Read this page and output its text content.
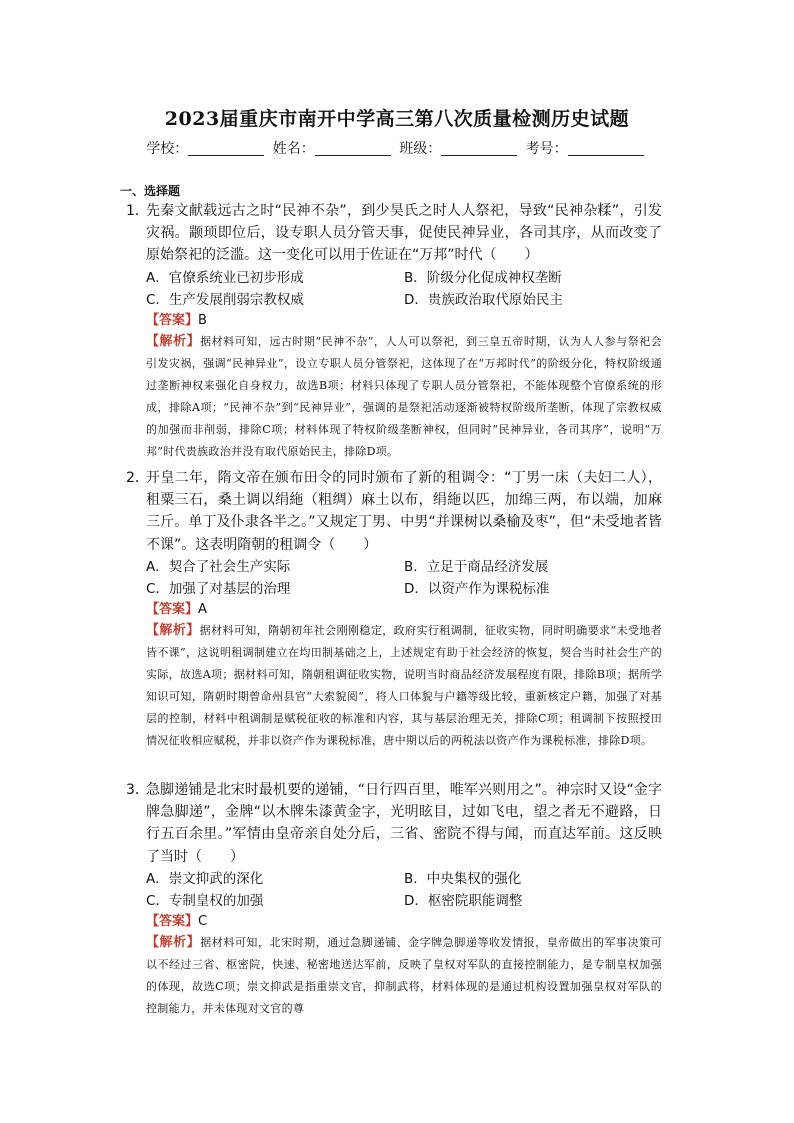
2023届重庆市南开中学高三第八次质量检测历史试题
学校：	姓名：	班级：	考号：
一、选择题
1．
先秦文献载远古之时“民神不杂”，到少昊氏之时人人祭祀，导致“民神杂糅”，引发灾祸。颛顼即位后，设专职人员分管天事，促使民神异业，各司其序，从而改变了原始祭祀的泛滥。这一变化可以用于佐证在“万邦”时代（　　）
A．官僚系统业已初步形成	B．阶级分化促成神权垄断
C．生产发展削弱宗教权威	D．贵族政治取代原始民主
【答案】B
【解析】据材料可知，远古时期“民神不杂”，人人可以祭祀，到三皇五帝时期，认为人人参与祭祀会引发灾祸，强调“民神异业”，设立专职人员分管祭祀，这体现了在“万邦时代”的阶级分化，特权阶级通过垄断神权来强化自身权力，故选B项；材料只体现了专职人员分管祭祀，不能体现整个官僚系统的形成，排除A项；“民神不杂”到“民神异业”，强调的是祭祀活动逐渐被特权阶级所垄断，体现了宗教权威的加强而非削弱，排除C项；材料体现了特权阶级垄断神权，但同时“民神异业，各司其序”，说明“万邦”时代贵族政治并没有取代原始民主，排除D项。
2．
开皇二年，隋文帝在颁布田令的同时颁布了新的租调令：“丁男一床（夫妇二人），租粟三石，桑土调以绢絁（粗绸）麻土以布，绢絁以匹，加绵三两，布以端，加麻三斤。单丁及仆隶各半之。”又规定丁男、中男“并课树以桑榆及枣”，但“未受地者皆不课”。这表明隋朝的租调令（　　）
A．契合了社会生产实际	B．立足于商品经济发展
C．加强了对基层的治理	D．以资产作为课税标准
【答案】A
【解析】据材料可知，隋朝初年社会刚刚稳定，政府实行租调制，征收实物，同时明确要求“未受地者皆不课”，这说明租调制建立在均田制基础之上，上述规定有助于社会经济的恢复，契合当时社会生产的实际，故选A项；据材料可知，隋朝租调征收实物，说明当时商品经济发展程度有限，排除B项；据所学知识可知，隋朝时期曾命州县官“大索貌阅”，将人口体貌与户籍等级比较，重新核定户籍，加强了对基层的控制，材料中租调制是赋税征收的标准和内容，其与基层治理无关，排除C项；租调制下按照授田情况征收相应赋税，并非以资产作为课税标准，唐中期以后的两税法以资产作为课税标准，排除D项。
3．
急脚递铺是北宋时最机要的递铺，“日行四百里，唯军兴则用之”。神宗时又设“金字牌急脚递”，金牌“以木牌朱漆黄金字，光明眩目，过如飞电，望之者无不避路，日行五百余里。”军情由皇帝亲自处分后，三省、密院不得与闻，而直达军前。这反映了当时（　　）
A．崇文抑武的深化	B．中央集权的强化
C．专制皇权的加强	D．枢密院职能调整
【答案】C
【解析】据材料可知，北宋时期，通过急脚递铺、金字牌急脚递等收发情报，皇帝做出的军事决策可以不经过三省、枢密院，快速、秘密地送达军前，反映了皇权对军队的直接控制能力，是专制皇权加强的体现，故选C项；崇文抑武是指重崇文官，抑制武将，材料体现的是通过机构设置加强皇权对军队的控制能力，并未体现对文官的尊
